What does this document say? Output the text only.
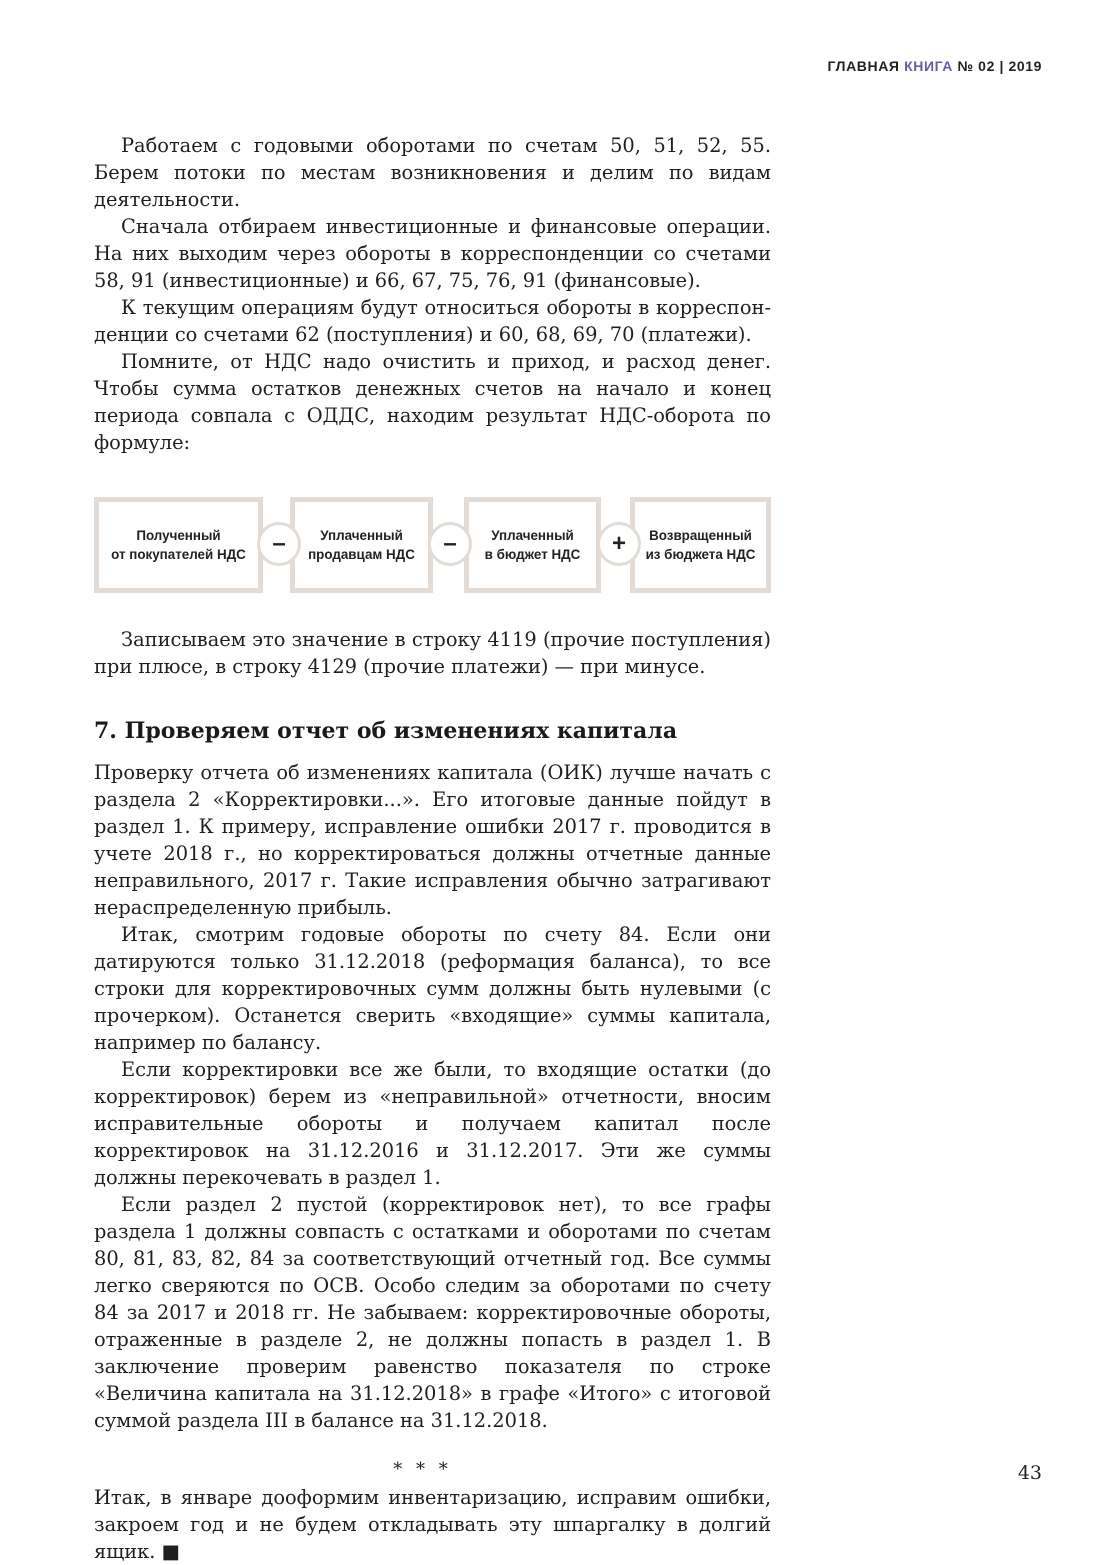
ГЛАВНАЯ КНИГА № 02 | 2019

Работаем с годовыми оборотами по счетам 50, 51, 52, 55. Берем потоки по местам возникновения и делим по видам деятельности.

Сначала отбираем инвестиционные и финансовые операции. На них выходим через обороты в корреспонденции со счетами 58, 91 (инвестиционные) и 66, 67, 75, 76, 91 (финансовые).

К текущим операциям будут относиться обороты в корреспонденции со счетами 62 (поступления) и 60, 68, 69, 70 (платежи).

Помните, от НДС надо очистить и приход, и расход денег. Чтобы сумма остатков денежных счетов на начало и конец периода совпала с ОДДС, находим результат НДС-оборота по формуле:

Полученный
от покупателей НДС	–	Уплаченный
продавцам НДС	–	Уплаченный
в бюджет НДС	+	Возвращенный
из бюджета НДС

Записываем это значение в строку 4119 (прочие поступления) при плюсе, в строку 4129 (прочие платежи) — при минусе.

7. Проверяем отчет об изменениях капитала

Проверку отчета об изменениях капитала (ОИК) лучше начать с раздела 2 «Корректировки...». Его итоговые данные пойдут в раздел 1. К примеру, исправление ошибки 2017 г. проводится в учете 2018 г., но корректироваться должны отчетные данные неправильного, 2017 г. Такие исправления обычно затрагивают нераспределенную прибыль.

Итак, смотрим годовые обороты по счету 84. Если они датируются только 31.12.2018 (реформация баланса), то все строки для корректировочных сумм должны быть нулевыми (с прочерком). Останется сверить «входящие» суммы капитала, например по балансу.

Если корректировки все же были, то входящие остатки (до корректировок) берем из «неправильной» отчетности, вносим исправительные обороты и получаем капитал после корректировок на 31.12.2016 и 31.12.2017. Эти же суммы должны перекочевать в раздел 1.

Если раздел 2 пустой (корректировок нет), то все графы раздела 1 должны совпасть с остатками и оборотами по счетам 80, 81, 83, 82, 84 за соответствующий отчетный год. Все суммы легко сверяются по ОСВ. Особо следим за оборотами по счету 84 за 2017 и 2018 гг. Не забываем: корректировочные обороты, отраженные в разделе 2, не должны попасть в раздел 1. В заключение проверим равенство показателя по строке «Величина капитала на 31.12.2018» в графе «Итого» с итоговой суммой раздела III в балансе на 31.12.2018.

* * *

Итак, в январе дооформим инвентаризацию, исправим ошибки, закроем год и не будем откладывать эту шпаргалку в долгий ящик. ■

43
